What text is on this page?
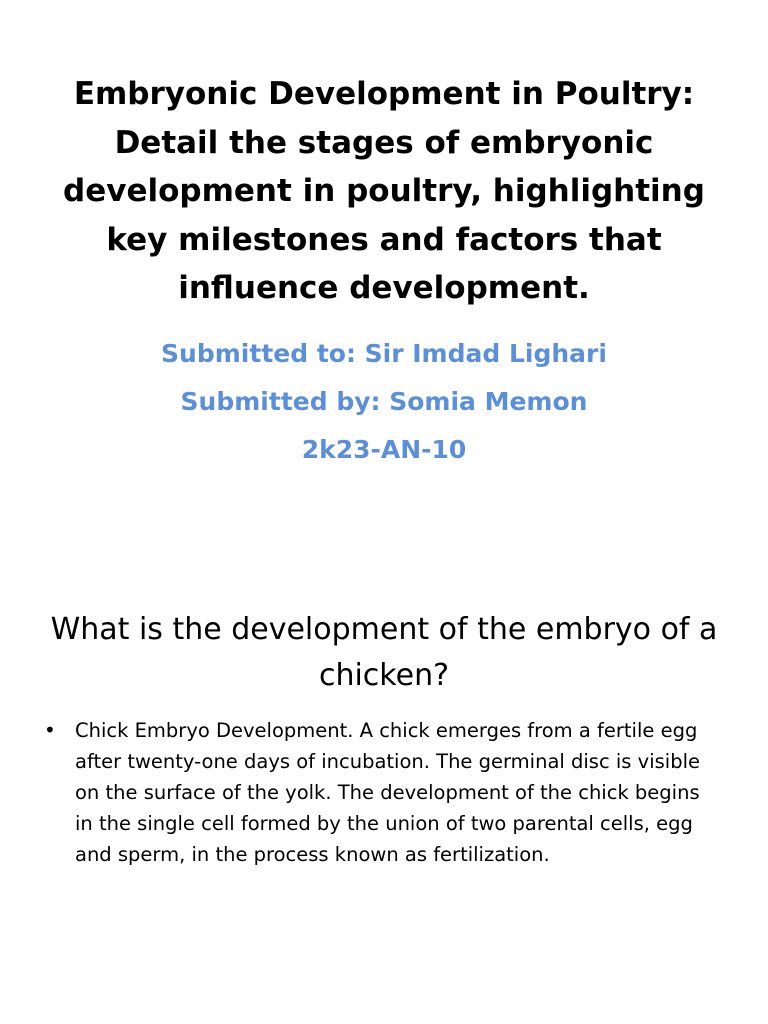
Embryonic Development in Poultry: Detail the stages of embryonic development in poultry, highlighting key milestones and factors that influence development.
Submitted to: Sir Imdad Lighari
Submitted by: Somia Memon
2k23-AN-10
What is the development of the embryo of a chicken?
• Chick Embryo Development. A chick emerges from a fertile egg after twenty-one days of incubation. The germinal disc is visible on the surface of the yolk. The development of the chick begins in the single cell formed by the union of two parental cells, egg and sperm, in the process known as fertilization.
